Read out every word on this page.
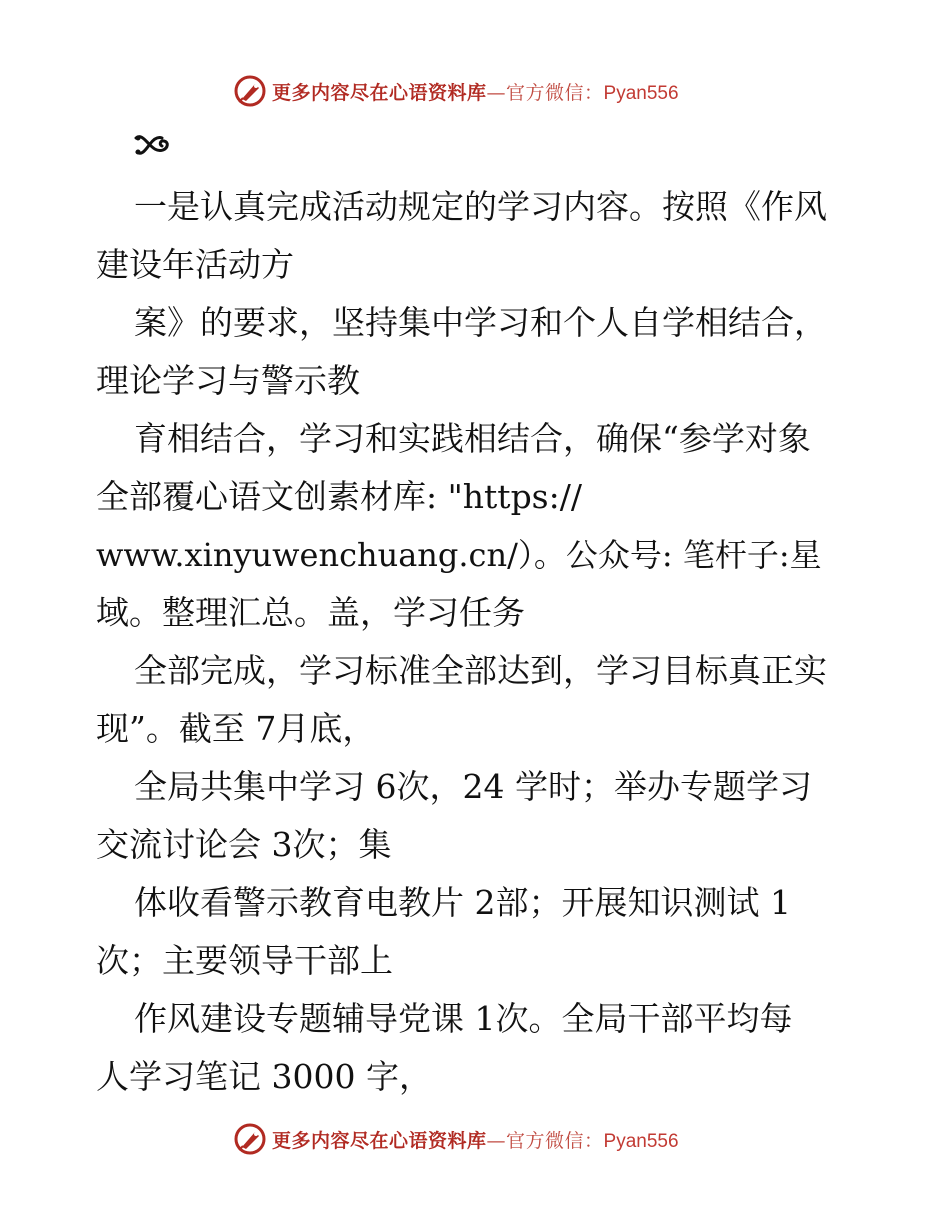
更多内容尽在心语资料库—官方微信：Pyan556
一是认真完成活动规定的学习内容。按照《作风
建设年活动方
案》的要求，坚持集中学习和个人自学相结合，
理论学习与警示教
育相结合，学习和实践相结合，确保“参学对象
全部覆心语文创素材库: "https://
www.xinyuwenchuang.cn/）。公众号: 笔杆子:星
域。整理汇总。盖，学习任务
全部完成，学习标准全部达到，学习目标真正实
现”。截至 7月底，
全局共集中学习 6次，24 学时；举办专题学习
交流讨论会 3次；集
体收看警示教育电教片 2部；开展知识测试 1
次；主要领导干部上
作风建设专题辅导党课 1次。全局干部平均每
人学习笔记 3000 字，
更多内容尽在心语资料库—官方微信：Pyan556
